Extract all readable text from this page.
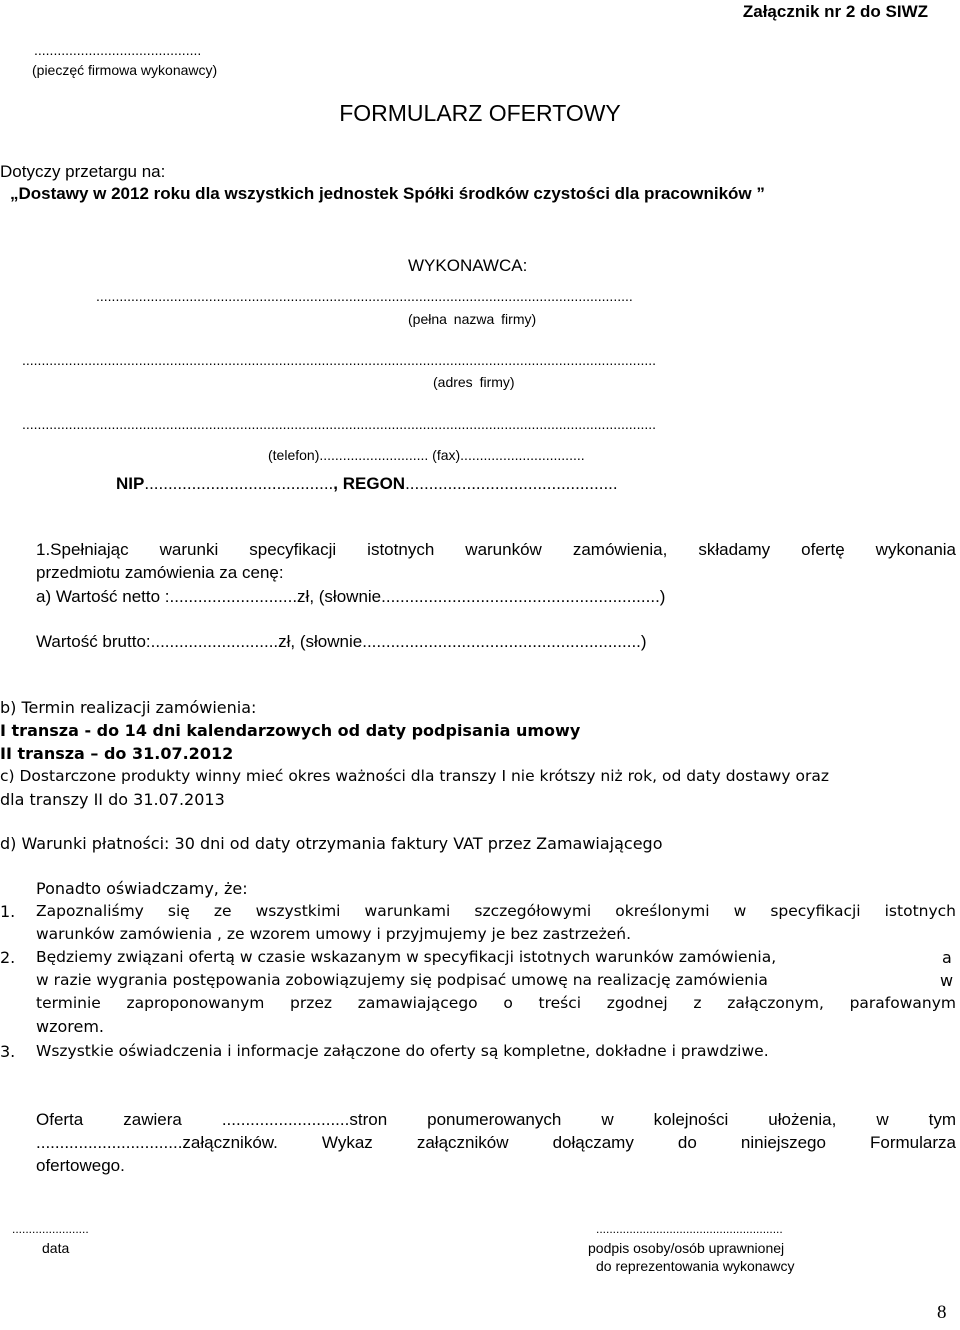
Załącznik nr 2 do SIWZ
...........................................
(pieczęć firmowa wykonawcy)
FORMULARZ OFERTOWY
Dotyczy przetargu na:
„Dostawy w 2012 roku dla wszystkich jednostek Spółki środków czystości dla pracowników ”
WYKONAWCA:
..........................................................................................................................................
(pełna nazwa firmy)
...................................................................................................................................................................
(adres firmy)
...................................................................................................................................................................
(telefon)............................ (fax)................................
NIP........................................, REGON.............................................
1.Spełniając warunki specyfikacji istotnych warunków zamówienia, składamy ofertę wykonania
przedmiotu zamówienia za cenę:
a) Wartość netto :...........................zł, (słownie...........................................................)
Wartość brutto:...........................zł, (słownie...........................................................)
b) Termin realizacji zamówienia:
I transza - do 14 dni kalendarzowych od daty podpisania umowy
II transza – do 31.07.2012
c) Dostarczone produkty winny mieć okres ważności dla transzy I nie krótszy niż rok, od daty dostawy oraz
dla transzy II do 31.07.2013
d) Warunki płatności: 30 dni od daty otrzymania faktury VAT przez Zamawiającego
Ponadto oświadczamy, że:
1. Zapoznaliśmy się ze wszystkimi warunkami szczegółowymi określonymi w specyfikacji istotnych
warunków zamówienia , ze wzorem umowy i przyjmujemy je bez zastrzeżeń.
2. Będziemy związani ofertą w czasie wskazanym w specyfikacji istotnych warunków zamówienia,	a
w razie wygrania postępowania zobowiązujemy się podpisać umowę na realizację zamówienia	w
terminie zaproponowanym przez zamawiającego o treści zgodnej z załączonym, parafowanym
wzorem.
3. Wszystkie oświadczenia i informacje załączone do oferty są kompletne, dokładne i prawdziwe.
Oferta zawiera ...........................stron ponumerowanych w kolejności ułożenia, w tym
...............................załączników. Wykaz załączników dołączamy do niniejszego Formularza
ofertowego.
.......................
data
........................................................
podpis osoby/osób uprawnionej
do reprezentowania wykonawcy
8
